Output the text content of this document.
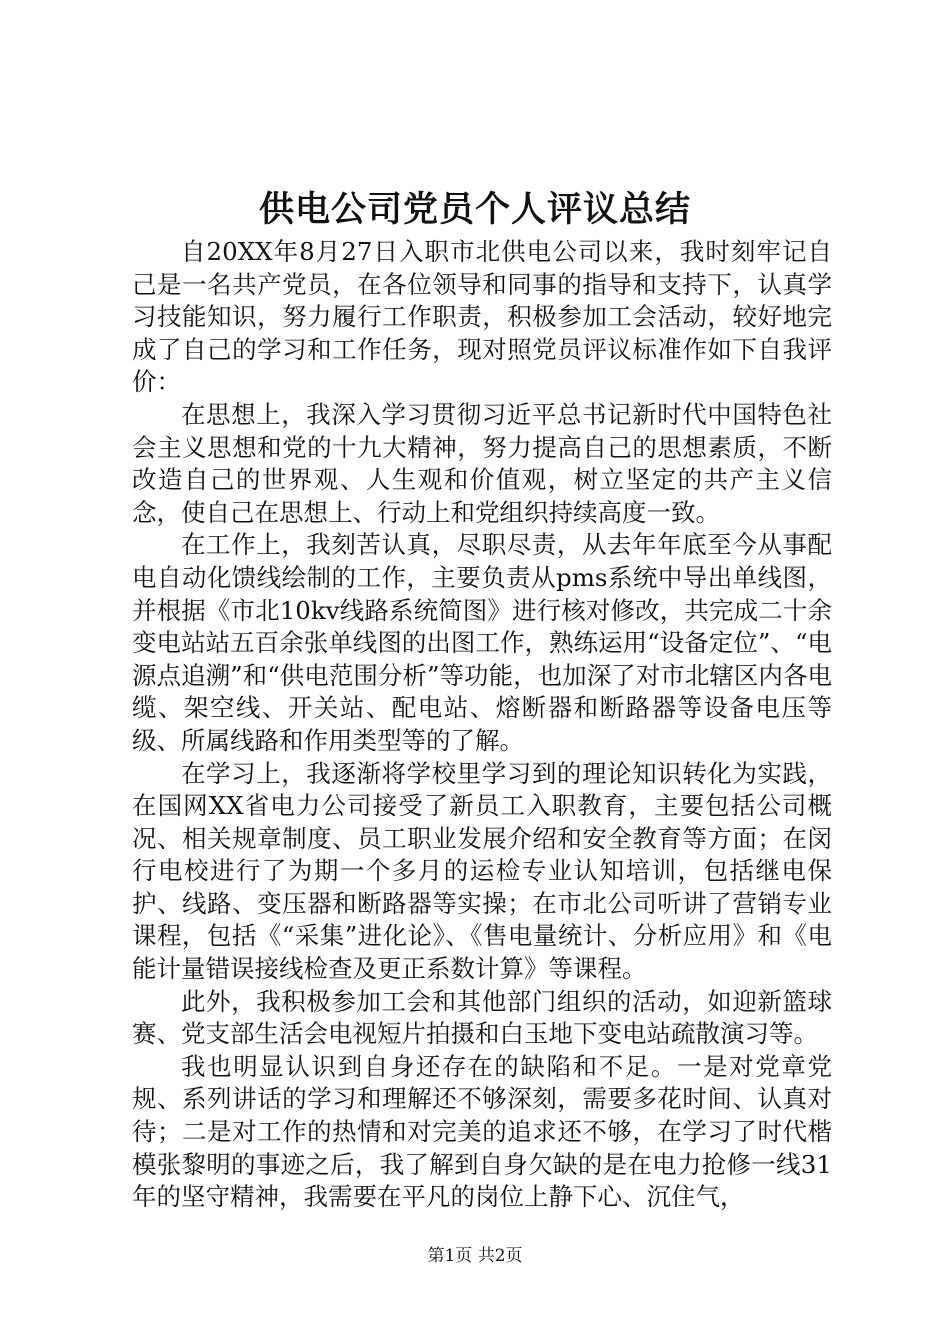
供电公司党员个人评议总结

自20XX年8月27日入职市北供电公司以来，我时刻牢记自己是一名共产党员，在各位领导和同事的指导和支持下，认真学习技能知识，努力履行工作职责，积极参加工会活动，较好地完成了自己的学习和工作任务，现对照党员评议标准作如下自我评价：

在思想上，我深入学习贯彻习近平总书记新时代中国特色社会主义思想和党的十九大精神，努力提高自己的思想素质，不断改造自己的世界观、人生观和价值观，树立坚定的共产主义信念，使自己在思想上、行动上和党组织持续高度一致。

在工作上，我刻苦认真，尽职尽责，从去年年底至今从事配电自动化馈线绘制的工作，主要负责从pms系统中导出单线图，并根据《市北10kv线路系统简图》进行核对修改，共完成二十余变电站站五百余张单线图的出图工作，熟练运用“设备定位”、“电源点追溯”和“供电范围分析”等功能，也加深了对市北辖区内各电缆、架空线、开关站、配电站、熔断器和断路器等设备电压等级、所属线路和作用类型等的了解。

在学习上，我逐渐将学校里学习到的理论知识转化为实践，在国网XX省电力公司接受了新员工入职教育，主要包括公司概况、相关规章制度、员工职业发展介绍和安全教育等方面；在闵行电校进行了为期一个多月的运检专业认知培训，包括继电保护、线路、变压器和断路器等实操；在市北公司听讲了营销专业课程，包括《“采集”进化论》、《售电量统计、分析应用》和《电能计量错误接线检查及更正系数计算》等课程。

此外，我积极参加工会和其他部门组织的活动，如迎新篮球赛、党支部生活会电视短片拍摄和白玉地下变电站疏散演习等。

我也明显认识到自身还存在的缺陷和不足。一是对党章党规、系列讲话的学习和理解还不够深刻，需要多花时间、认真对待；二是对工作的热情和对完美的追求还不够，在学习了时代楷模张黎明的事迹之后，我了解到自身欠缺的是在电力抢修一线31年的坚守精神，我需要在平凡的岗位上静下心、沉住气，

第1页 共2页
